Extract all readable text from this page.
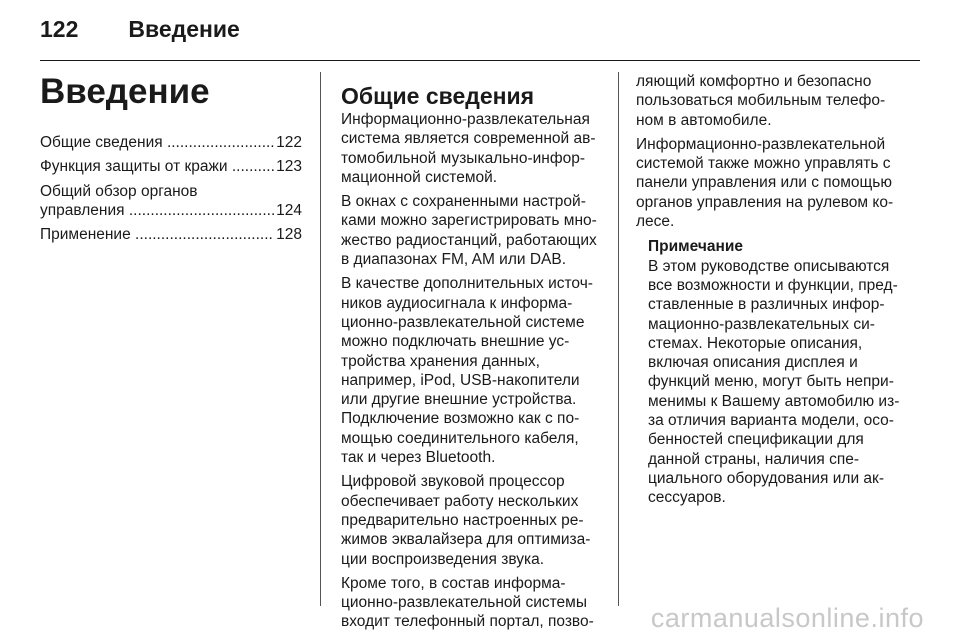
122 Введение
Введение
Общие сведения .....	122
Функция защиты от кражи .....	123
Общий обзор органов
управления .....	124
Применение .....	128
Общие сведения

Информационно-развлекательная система является современной автомобильной музыкально-информационной системой.

В окнах с сохраненными настройками можно зарегистрировать множество радиостанций, работающих в диапазонах FM, AM или DAB.

В качестве дополнительных источников аудиосигнала к информационно-развлекательной системе можно подключать внешние устройства хранения данных, например, iPod, USB-накопители или другие внешние устройства. Подключение возможно как с помощью соединительного кабеля, так и через Bluetooth.

Цифровой звуковой процессор обеспечивает работу нескольких предварительно настроенных режимов эквалайзера для оптимизации воспроизведения звука.

Кроме того, в состав информационно-развлекательной системы входит телефонный портал, позво-

ляющий комфортно и безопасно пользоваться мобильным телефоном в автомобиле.

Информационно-развлекательной системой также можно управлять с панели управления или с помощью органов управления на рулевом колесе.

Примечание
В этом руководстве описываются все возможности и функции, представленные в различных информационно-развлекательных системах. Некоторые описания, включая описания дисплея и функций меню, могут быть неприменимы к Вашему автомобилю из-за отличия варианта модели, особенностей спецификации для данной страны, наличия специального оборудования или аксессуаров.
carmanualsonline.info
